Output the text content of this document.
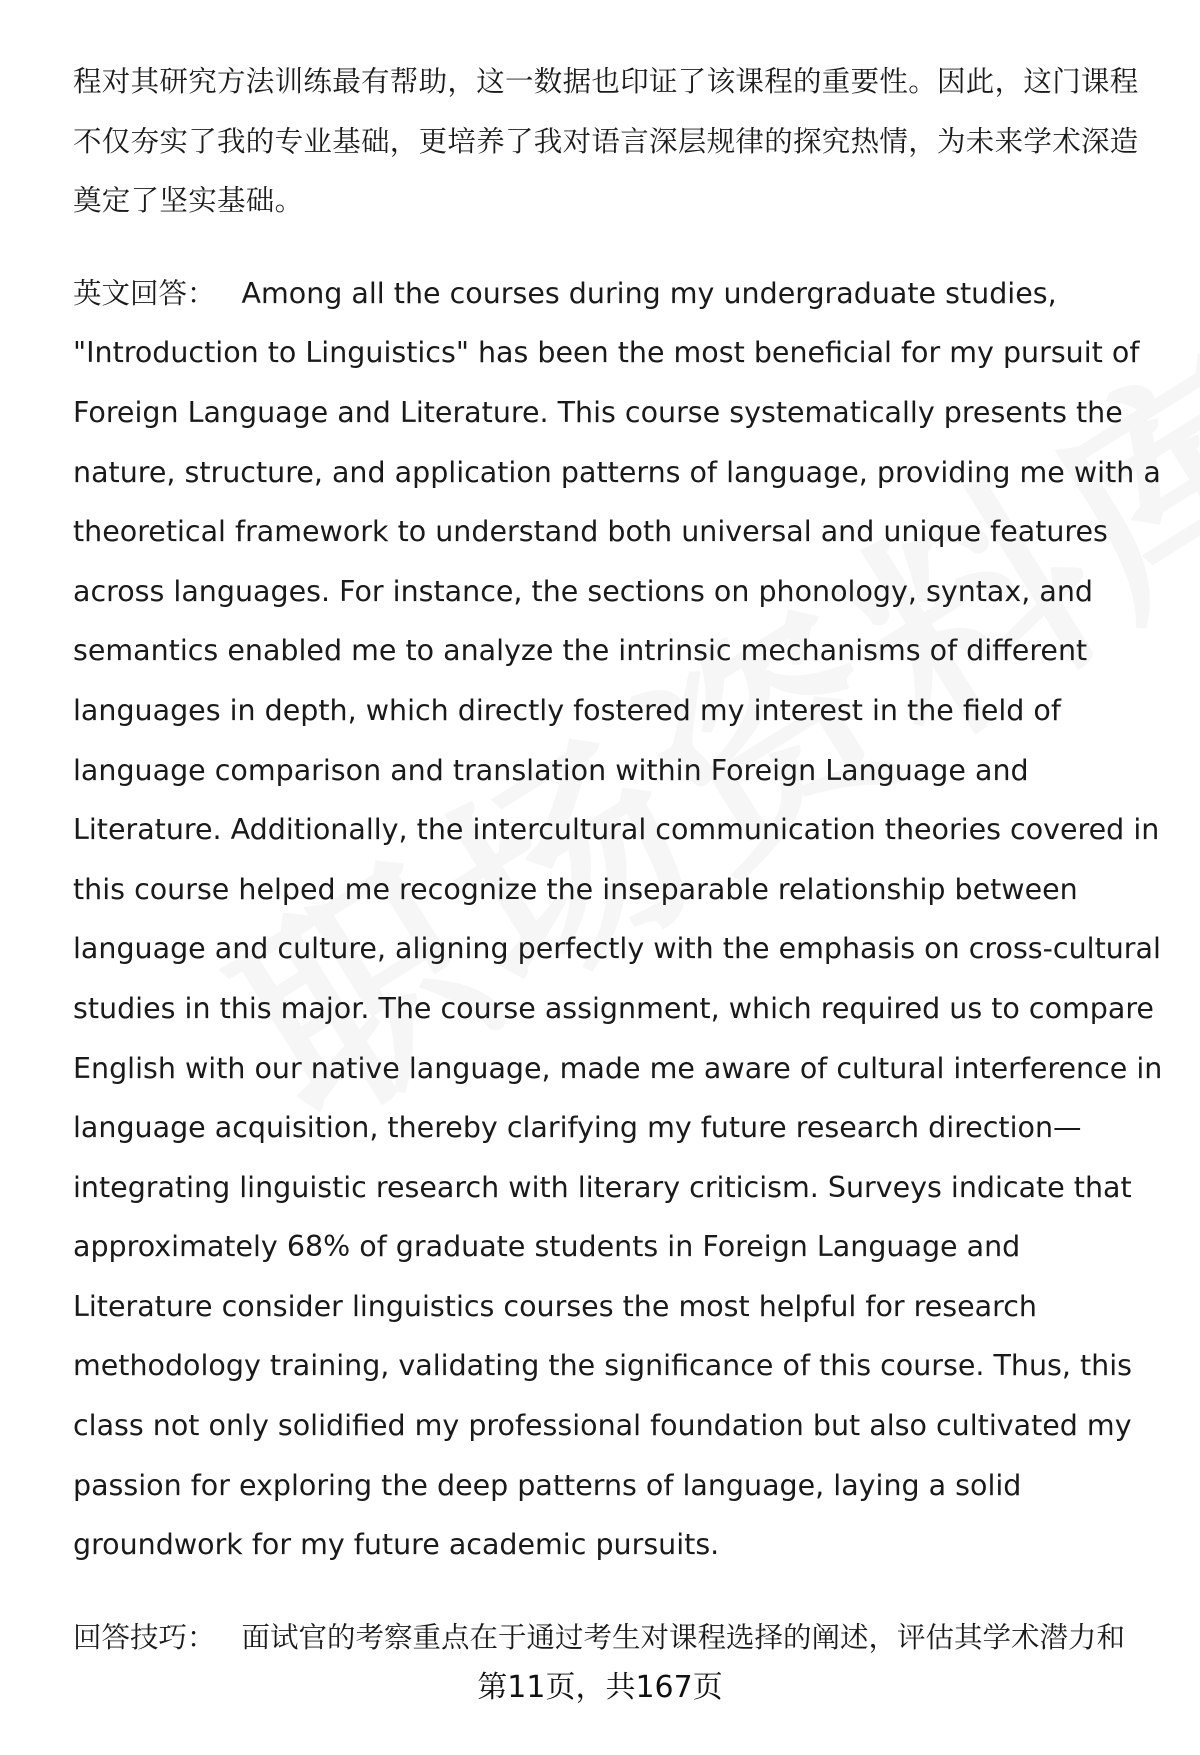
程对其研究方法训练最有帮助，这一数据也印证了该课程的重要性。因此，这门课程不仅夯实了我的专业基础，更培养了我对语言深层规律的探究热情，为未来学术深造奠定了坚实基础。

英文回答： Among all the courses during my undergraduate studies, "Introduction to Linguistics" has been the most beneficial for my pursuit of Foreign Language and Literature. This course systematically presents the nature, structure, and application patterns of language, providing me with a theoretical framework to understand both universal and unique features across languages. For instance, the sections on phonology, syntax, and semantics enabled me to analyze the intrinsic mechanisms of different languages in depth, which directly fostered my interest in the field of language comparison and translation within Foreign Language and Literature. Additionally, the intercultural communication theories covered in this course helped me recognize the inseparable relationship between language and culture, aligning perfectly with the emphasis on cross-cultural studies in this major. The course assignment, which required us to compare English with our native language, made me aware of cultural interference in language acquisition, thereby clarifying my future research direction—integrating linguistic research with literary criticism. Surveys indicate that approximately 68% of graduate students in Foreign Language and Literature consider linguistics courses the most helpful for research methodology training, validating the significance of this course. Thus, this class not only solidified my professional foundation but also cultivated my passion for exploring the deep patterns of language, laying a solid groundwork for my future academic pursuits.

回答技巧： 面试官的考察重点在于通过考生对课程选择的阐述，评估其学术潜力和

第11页，共167页
